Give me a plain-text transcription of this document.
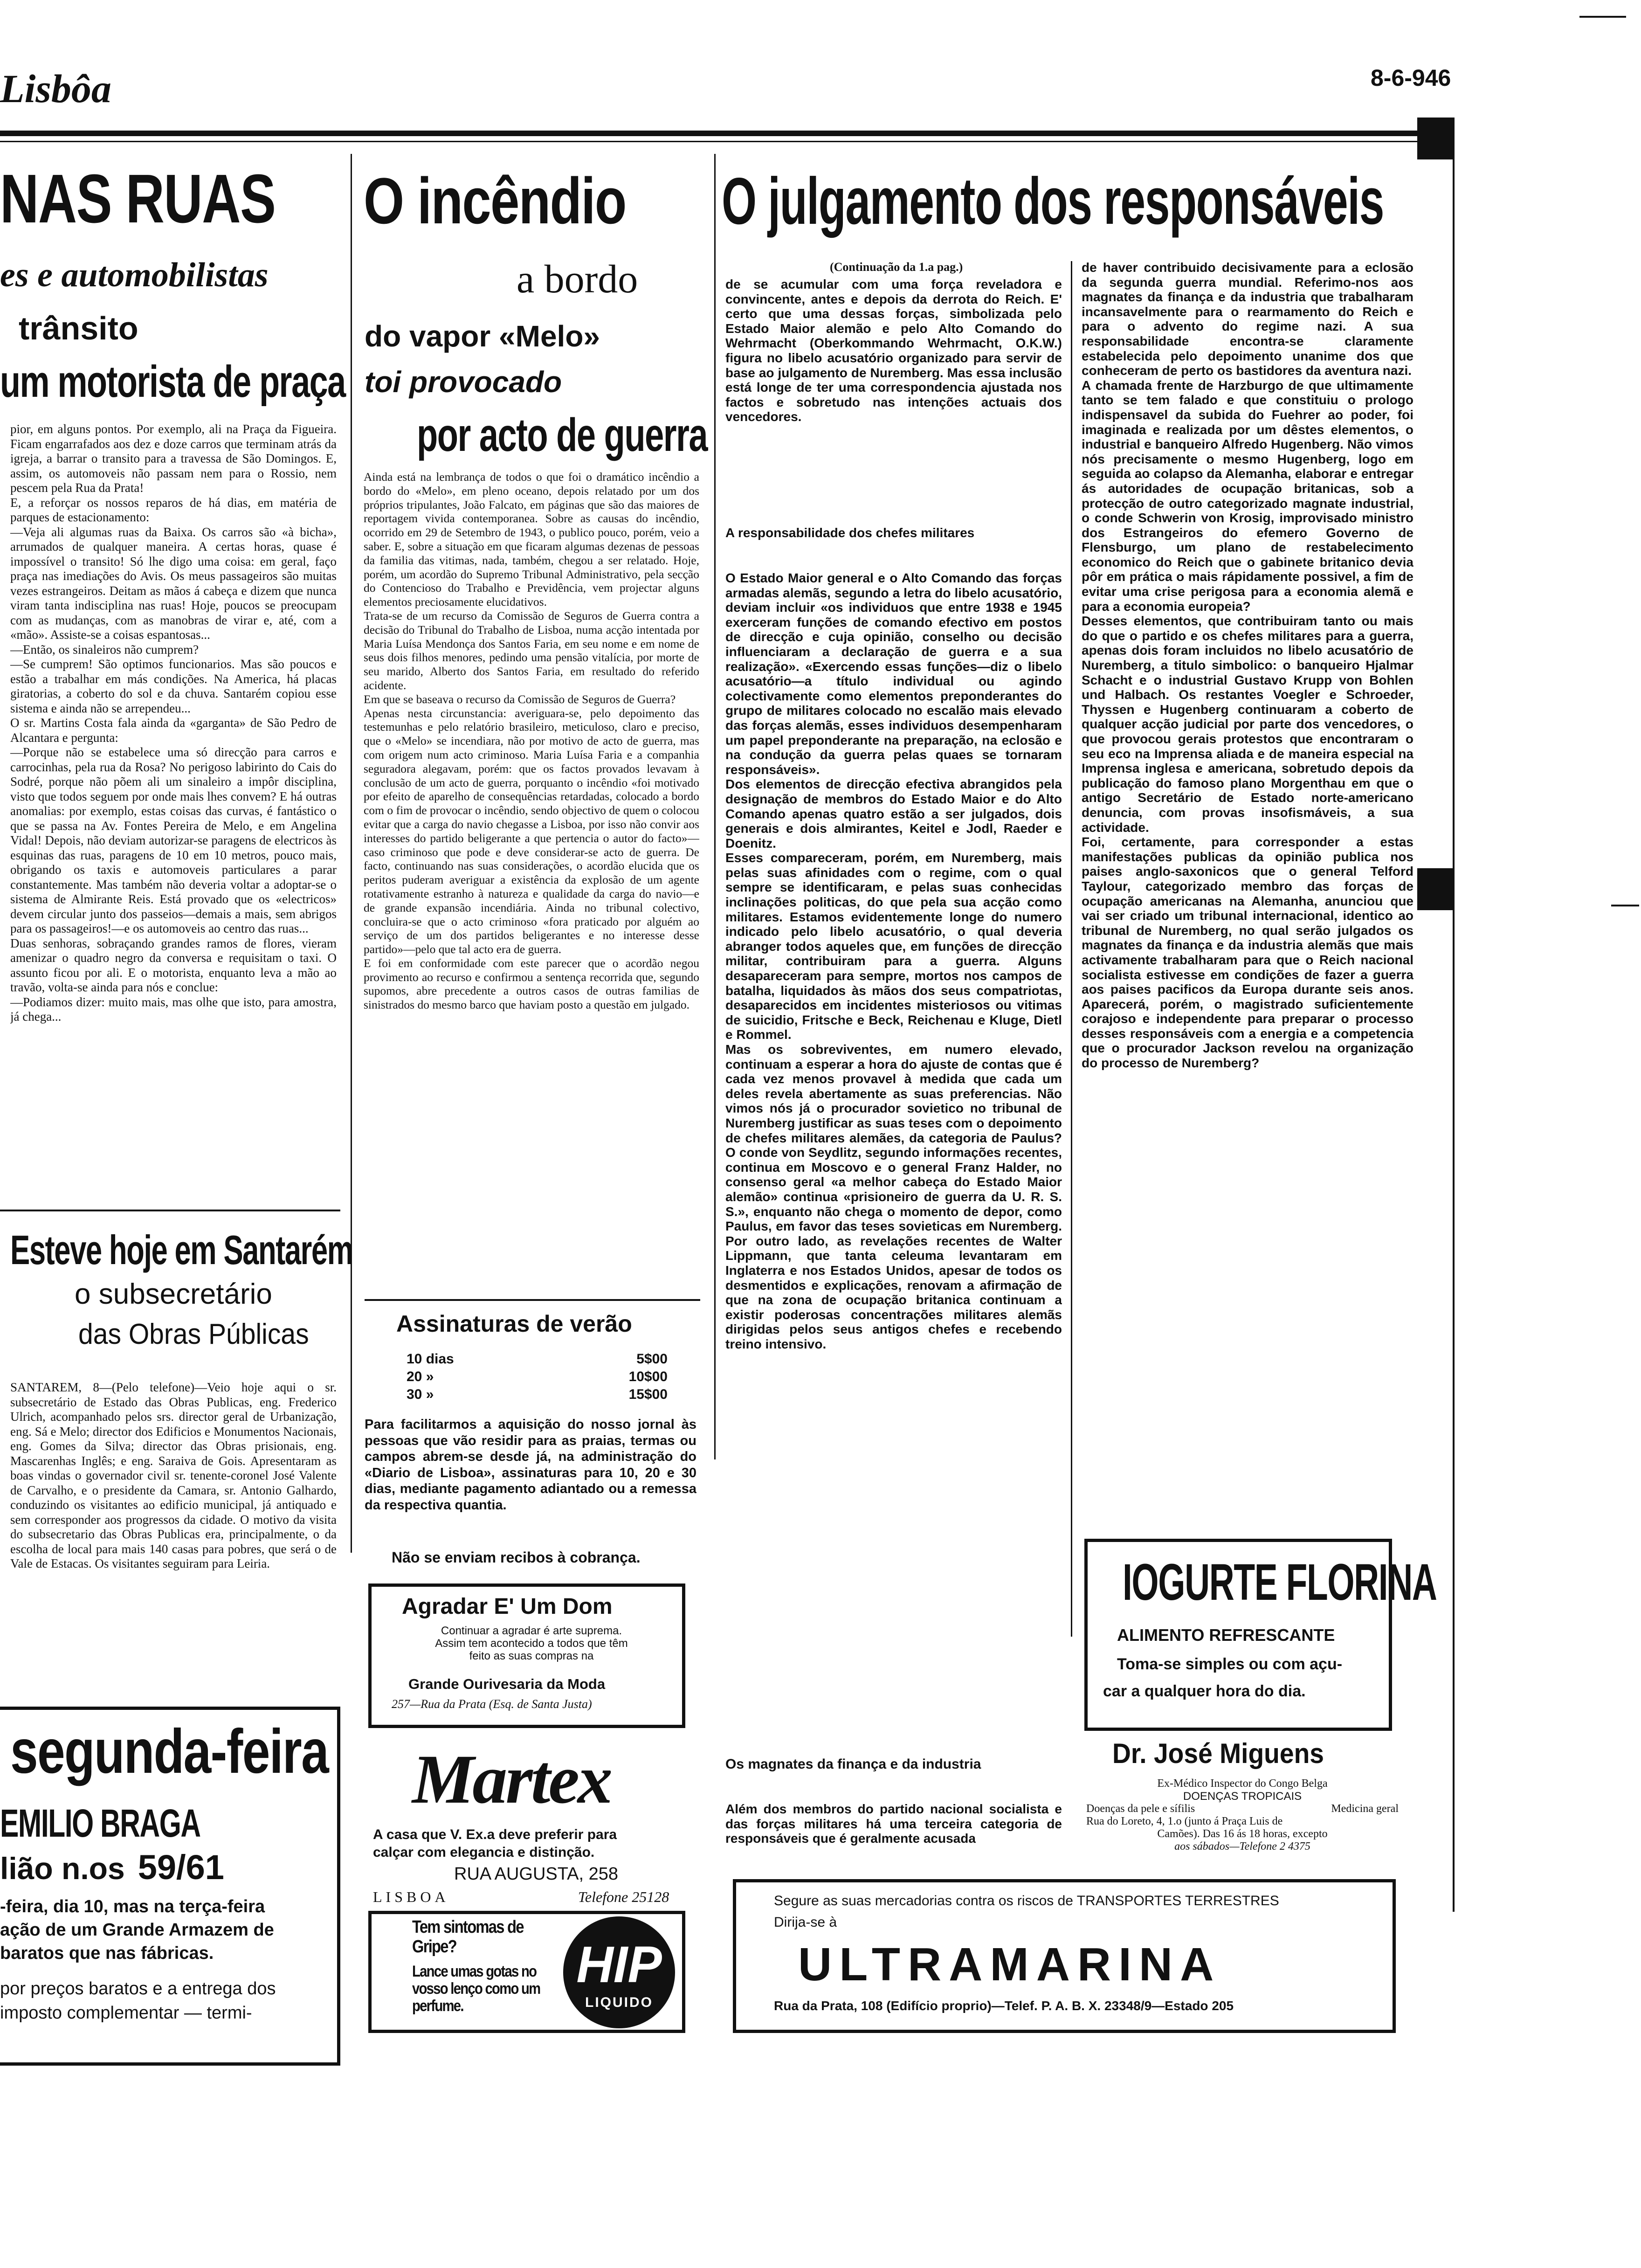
Lisbôa	8-6-946
NAS RUAS
es e automobilistas
trânsito
um motorista de praça
pior, em alguns pontos. Por exemplo, ali na Praça da Figueira. Ficam engarrafados aos dez e doze carros que terminam atrás da igreja, a barrar o transito para a travessa de São Domingos. E, assim, os automoveis não passam nem para o Rossio, nem pescem pela Rua da Prata!
E, a reforçar os nossos reparos de há dias, em matéria de parques de estacionamento:
—Veja ali algumas ruas da Baixa. Os carros são «à bicha», arrumados de qualquer maneira. A certas horas, quase é impossível o transito! Só lhe digo uma coisa: em geral, faço praça nas imediações do Avis. Os meus passageiros são muitas vezes estrangeiros. Deitam as mãos á cabeça e dizem que nunca viram tanta indisciplina nas ruas! Hoje, poucos se preocupam com as mudanças, com as manobras de virar e, até, com a «mão». Assiste-se a coisas espantosas...
—Então, os sinaleiros não cumprem?
—Se cumprem! São optimos funcionarios. Mas são poucos e estão a trabalhar em más condições. Na America, há placas giratorias, a coberto do sol e da chuva. Santarém copiou esse sistema e ainda não se arrependeu...
O sr. Martins Costa fala ainda da «garganta» de São Pedro de Alcantara e pergunta:
—Porque não se estabelece uma só direcção para carros e carrocinhas, pela rua da Rosa? No perigoso labirinto do Cais do Sodré, porque não põem ali um sinaleiro a impôr disciplina, visto que todos seguem por onde mais lhes convem? E há outras anomalias: por exemplo, estas coisas das curvas, é fantástico o que se passa na Av. Fontes Pereira de Melo, e em Angelina Vidal! Depois, não deviam autorizar-se paragens de electricos às esquinas das ruas, paragens de 10 em 10 metros, pouco mais, obrigando os taxis e automoveis particulares a parar constantemente. Mas também não deveria voltar a adoptar-se o sistema de Almirante Reis. Está provado que os «electricos» devem circular junto dos passeios—demais a mais, sem abrigos para os passageiros!—e os automoveis ao centro das ruas...
Duas senhoras, sobraçando grandes ramos de flores, vieram amenizar o quadro negro da conversa e requisitam o taxi. O assunto ficou por ali. E o motorista, enquanto leva a mão ao travão, volta-se ainda para nós e conclue:
—Podiamos dizer: muito mais, mas olhe que isto, para amostra, já chega...
Esteve hoje em Santarém
o subsecretário
das Obras Públicas
SANTAREM, 8—(Pelo telefone)—Veio hoje aqui o sr. subsecretário de Estado das Obras Publicas, eng. Frederico Ulrich, acompanhado pelos srs. director geral de Urbanização, eng. Sá e Melo; director dos Edificios e Monumentos Nacionais, eng. Gomes da Silva; director das Obras prisionais, eng. Mascarenhas Inglês; e eng. Saraiva de Gois. Apresentaram as boas vindas o governador civil sr. tenente-coronel José Valente de Carvalho, e o presidente da Camara, sr. Antonio Galhardo, conduzindo os visitantes ao edificio municipal, já antiquado e sem corresponder aos progressos da cidade. O motivo da visita do subsecretario das Obras Publicas era, principalmente, o da escolha de local para mais 140 casas para pobres, que será o de Vale de Estacas. Os visitantes seguiram para Leiria.
segunda-feira
EMILIO BRAGA
lião n.os 59/61
-feira, dia 10, mas na terça-feira
ação de um Grande Armazem de
baratos que nas fábricas.
por preços baratos e a entrega dos
imposto complementar — termi-
O incêndio
a bordo
do vapor «Melo»
toi provocado
por acto de guerra
Ainda está na lembrança de todos o que foi o dramático incêndio a bordo do «Melo», em pleno oceano, depois relatado por um dos próprios tripulantes, João Falcato, em páginas que são das maiores de reportagem vivida contemporanea. Sobre as causas do incêndio, ocorrido em 29 de Setembro de 1943, o publico pouco, porém, veio a saber. E, sobre a situação em que ficaram algumas dezenas de pessoas da familia das vitimas, nada, também, chegou a ser relatado. Hoje, porém, um acordão do Supremo Tribunal Administrativo, pela secção do Contencioso do Trabalho e Previdência, vem projectar alguns elementos preciosamente elucidativos.
Trata-se de um recurso da Comissão de Seguros de Guerra contra a decisão do Tribunal do Trabalho de Lisboa, numa acção intentada por Maria Luísa Mendonça dos Santos Faria, em seu nome e em nome de seus dois filhos menores, pedindo uma pensão vitalícia, por morte de seu marido, Alberto dos Santos Faria, em resultado do referido acidente.
Em que se baseava o recurso da Comissão de Seguros de Guerra?
Apenas nesta circunstancia: averiguara-se, pelo depoimento das testemunhas e pelo relatório brasileiro, meticuloso, claro e preciso, que o «Melo» se incendiara, não por motivo de acto de guerra, mas com origem num acto criminoso. Maria Luísa Faria e a companhia seguradora alegavam, porém: que os factos provados levavam à conclusão de um acto de guerra, porquanto o incêndio «foi motivado por efeito de aparelho de consequências retardadas, colocado a bordo com o fim de provocar o incêndio, sendo objectivo de quem o colocou evitar que a carga do navio chegasse a Lisboa, por isso não convir aos interesses do partido beligerante a que pertencia o autor do facto»—caso criminoso que pode e deve considerar-se acto de guerra. De facto, continuando nas suas considerações, o acordão elucida que os peritos puderam averiguar a existência da explosão de um agente rotativamente estranho à natureza e qualidade da carga do navio—e de grande expansão incendiária. Ainda no tribunal colectivo, concluira-se que o acto criminoso «fora praticado por alguém ao serviço de um dos partidos beligerantes e no interesse desse partido»—pelo que tal acto era de guerra.
E foi em conformidade com este parecer que o acordão negou provimento ao recurso e confirmou a sentença recorrida que, segundo supomos, abre precedente a outros casos de outras familias de sinistrados do mesmo barco que haviam posto a questão em julgado.
Assinaturas de verão
10 dias	5$00
20 »	10$00
30 »	15$00
Para facilitarmos a aquisição do nosso jornal às pessoas que vão residir para as praias, termas ou campos abrem-se desde já, na administração do «Diario de Lisboa», assinaturas para 10, 20 e 30 dias, mediante pagamento adiantado ou a remessa da respectiva quantia.
Não se enviam recibos à cobrança.
Agradar E' Um Dom
Continuar a agradar é arte suprema.
Assim tem acontecido a todos que têm
feito as suas compras na
Grande Ourivesaria da Moda
257—Rua da Prata (Esq. de Santa Justa)
Martex
A casa que V. Ex.a deve preferir para
calçar com elegancia e distinção.
RUA AUGUSTA, 258
LISBOA	Telefone 25128
Tem sintomas de Gripe?
Lance umas gotas no vosso lenço como um perfume.
HIP
LIQUIDO
O julgamento dos responsáveis
(Continuação da 1.a pag.)
de se acumular com uma força reveladora e convincente, antes e depois da derrota do Reich. E' certo que uma dessas forças, simbolizada pelo Estado Maior alemão e pelo Alto Comando do Wehrmacht (Oberkommando Wehrmacht, O.K.W.) figura no libelo acusatório organizado para servir de base ao julgamento de Nuremberg. Mas essa inclusão está longe de ter uma correspondencia ajustada nos factos e sobretudo nas intenções actuais dos vencedores.
A responsabilidade dos chefes militares
O Estado Maior general e o Alto Comando das forças armadas alemãs, segundo a letra do libelo acusatório, deviam incluir «os individuos que entre 1938 e 1945 exerceram funções de comando efectivo em postos de direcção e cuja opinião, conselho ou decisão influenciaram a declaração de guerra e a sua realização». «Exercendo essas funções—diz o libelo acusatório—a título individual ou agindo colectivamente como elementos preponderantes do grupo de militares colocado no escalão mais elevado das forças alemãs, esses individuos desempenharam um papel preponderante na preparação, na eclosão e na condução da guerra pelas quaes se tornaram responsáveis».
Dos elementos de direcção efectiva abrangidos pela designação de membros do Estado Maior e do Alto Comando apenas quatro estão a ser julgados, dois generais e dois almirantes, Keitel e Jodl, Raeder e Doenitz.
Esses compareceram, porém, em Nuremberg, mais pelas suas afinidades com o regime, com o qual sempre se identificaram, e pelas suas conhecidas inclinações politicas, do que pela sua acção como militares. Estamos evidentemente longe do numero indicado pelo libelo acusatório, o qual deveria abranger todos aqueles que, em funções de direcção militar, contribuiram para a guerra. Alguns desapareceram para sempre, mortos nos campos de batalha, liquidados às mãos dos seus compatriotas, desaparecidos em incidentes misteriosos ou vitimas de suicidio, Fritsche e Beck, Reichenau e Kluge, Dietl e Rommel.
Mas os sobreviventes, em numero elevado, continuam a esperar a hora do ajuste de contas que é cada vez menos provavel à medida que cada um deles revela abertamente as suas preferencias. Não vimos nós já o procurador sovietico no tribunal de Nuremberg justificar as suas teses com o depoimento de chefes militares alemães, da categoria de Paulus? O conde von Seydlitz, segundo informações recentes, continua em Moscovo e o general Franz Halder, no consenso geral «a melhor cabeça do Estado Maior alemão» continua «prisioneiro de guerra da U. R. S. S.», enquanto não chega o momento de depor, como Paulus, em favor das teses sovieticas em Nuremberg. Por outro lado, as revelações recentes de Walter Lippmann, que tanta celeuma levantaram em Inglaterra e nos Estados Unidos, apesar de todos os desmentidos e explicações, renovam a afirmação de que na zona de ocupação britanica continuam a existir poderosas concentrações militares alemãs dirigidas pelos seus antigos chefes e recebendo treino intensivo.
Os magnates da finança e da industria
Além dos membros do partido nacional socialista e das forças militares há uma terceira categoria de responsáveis que é geralmente acusada
de haver contribuido decisivamente para a eclosão da segunda guerra mundial. Referimo-nos aos magnates da finança e da industria que trabalharam incansavelmente para o rearmamento do Reich e para o advento do regime nazi. A sua responsabilidade encontra-se claramente estabelecida pelo depoimento unanime dos que conheceram de perto os bastidores da aventura nazi.
A chamada frente de Harzburgo de que ultimamente tanto se tem falado e que constituiu o prologo indispensavel da subida do Fuehrer ao poder, foi imaginada e realizada por um dêstes elementos, o industrial e banqueiro Alfredo Hugenberg. Não vimos nós precisamente o mesmo Hugenberg, logo em seguida ao colapso da Alemanha, elaborar e entregar ás autoridades de ocupação britanicas, sob a protecção de outro categorizado magnate industrial, o conde Schwerin von Krosig, improvisado ministro dos Estrangeiros do efemero Governo de Flensburgo, um plano de restabelecimento economico do Reich que o gabinete britanico devia pôr em prática o mais rápidamente possivel, a fim de evitar uma crise perigosa para a economia alemã e para a economia europeia?
Desses elementos, que contribuiram tanto ou mais do que o partido e os chefes militares para a guerra, apenas dois foram incluidos no libelo acusatório de Nuremberg, a titulo simbolico: o banqueiro Hjalmar Schacht e o industrial Gustavo Krupp von Bohlen und Halbach. Os restantes Voegler e Schroeder, Thyssen e Hugenberg continuaram a coberto de qualquer acção judicial por parte dos vencedores, o que provocou gerais protestos que encontraram o seu eco na Imprensa aliada e de maneira especial na Imprensa inglesa e americana, sobretudo depois da publicação do famoso plano Morgenthau em que o antigo Secretário de Estado norte-americano denuncia, com provas insofismáveis, a sua actividade.
Foi, certamente, para corresponder a estas manifestações publicas da opinião publica nos paises anglo-saxonicos que o general Telford Taylour, categorizado membro das forças de ocupação americanas na Alemanha, anunciou que vai ser criado um tribunal internacional, identico ao tribunal de Nuremberg, no qual serão julgados os magnates da finança e da industria alemãs que mais activamente trabalharam para que o Reich nacional socialista estivesse em condições de fazer a guerra aos paises pacificos da Europa durante seis anos. Aparecerá, porém, o magistrado suficientemente corajoso e independente para preparar o processo desses responsáveis com a energia e a competencia que o procurador Jackson revelou na organização do processo de Nuremberg?
IOGURTE FLORINA
ALIMENTO REFRESCANTE
Toma-se simples ou com açu-
car a qualquer hora do dia.
Dr. José Miguens
Ex-Médico Inspector do Congo Belga
DOENÇAS TROPICAIS
Doenças da pele e sífilis	Medicina geral
Rua do Loreto, 4, 1.o (junto á Praça Luis de
Camões). Das 16 ás 18 horas, excepto
aos sábados—Telefone 2 4375
Segure as suas mercadorias contra os riscos de TRANSPORTES TERRESTRES
Dirija-se à
ULTRAMARINA
Rua da Prata, 108 (Edifício proprio)—Telef. P. A. B. X. 23348/9—Estado 205
